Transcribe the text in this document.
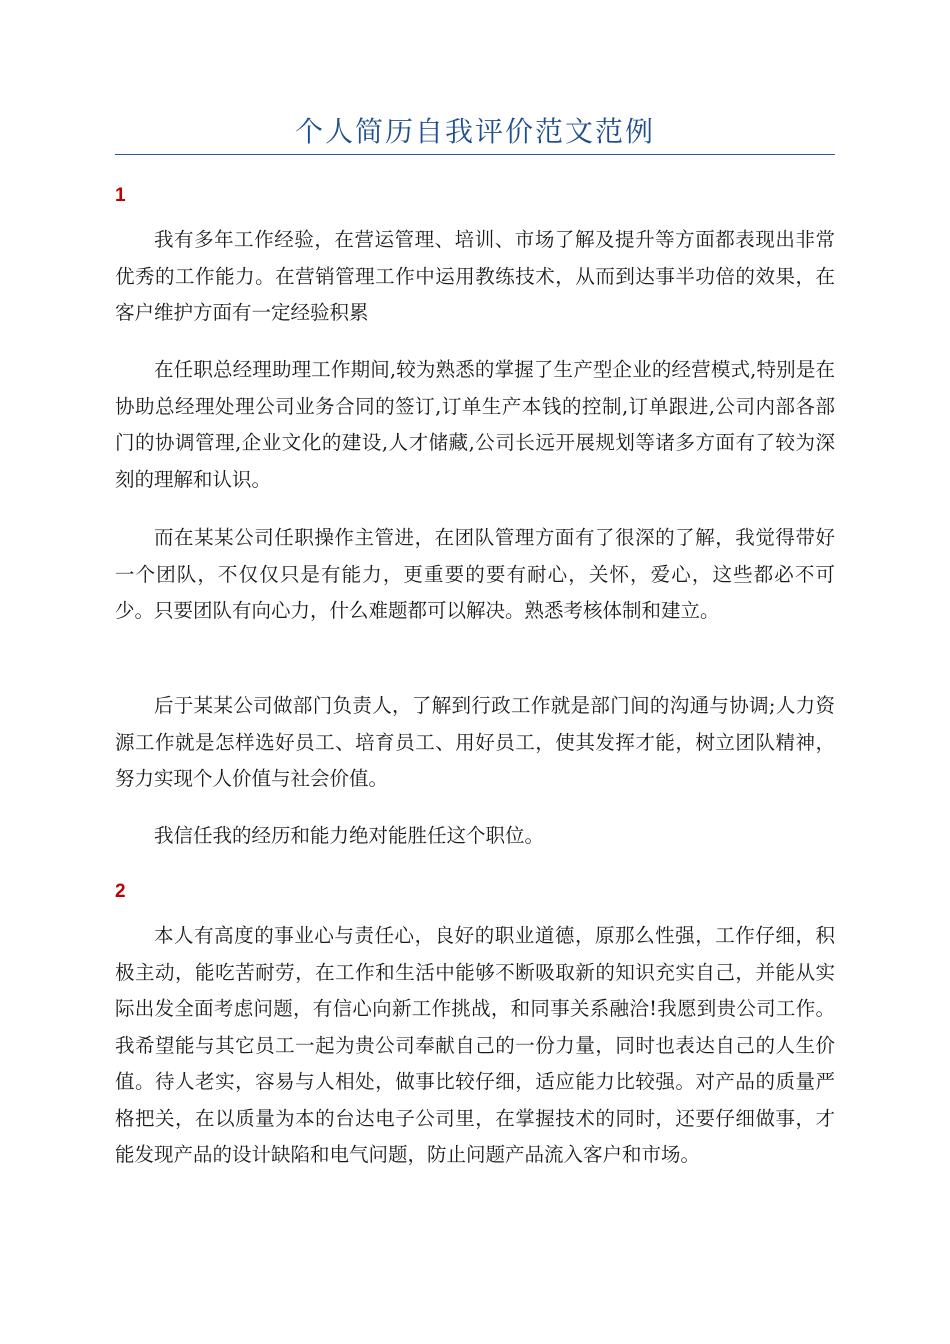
个人简历自我评价范文范例
1

我有多年工作经验，在营运管理、培训、市场了解及提升等方面都表现出非常优秀的工作能力。在营销管理工作中运用教练技术，从而到达事半功倍的效果，在客户维护方面有一定经验积累

在任职总经理助理工作期间,较为熟悉的掌握了生产型企业的经营模式,特别是在协助总经理处理公司业务合同的签订,订单生产本钱的控制,订单跟进,公司内部各部门的协调管理,企业文化的建设,人才储藏,公司长远开展规划等诸多方面有了较为深刻的理解和认识。

而在某某公司任职操作主管进，在团队管理方面有了很深的了解，我觉得带好一个团队，不仅仅只是有能力，更重要的要有耐心，关怀，爱心，这些都必不可少。只要团队有向心力，什么难题都可以解决。熟悉考核体制和建立。

后于某某公司做部门负责人，了解到行政工作就是部门间的沟通与协调;人力资源工作就是怎样选好员工、培育员工、用好员工，使其发挥才能，树立团队精神，努力实现个人价值与社会价值。

我信任我的经历和能力绝对能胜任这个职位。

2

本人有高度的事业心与责任心，良好的职业道德，原那么性强，工作仔细，积极主动，能吃苦耐劳，在工作和生活中能够不断吸取新的知识充实自己，并能从实际出发全面考虑问题，有信心向新工作挑战，和同事关系融洽!我愿到贵公司工作。我希望能与其它员工一起为贵公司奉献自己的一份力量，同时也表达自己的人生价值。待人老实，容易与人相处，做事比较仔细，适应能力比较强。对产品的质量严格把关，在以质量为本的台达电子公司里，在掌握技术的同时，还要仔细做事，才能发现产品的设计缺陷和电气问题，防止问题产品流入客户和市场。
